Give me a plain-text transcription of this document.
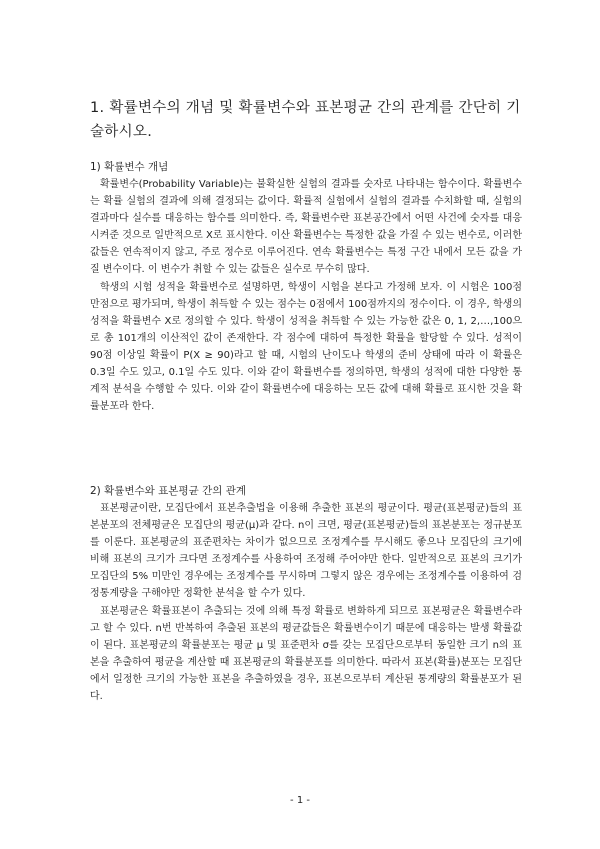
1. 확률변수의 개념 및 확률변수와 표본평균 간의 관계를 간단히 기술하시오.
1) 확률변수 개념

확률변수(Probability Variable)는 불확실한 실험의 결과를 숫자로 나타내는 함수이다. 확률변수는 확률 실험의 결과에 의해 결정되는 값이다. 확률적 실험에서 실험의 결과를 수치화할 때, 실험의 결과마다 실수를 대응하는 함수를 의미한다. 즉, 확률변수란 표본공간에서 어떤 사건에 숫자를 대응시켜준 것으로 일반적으로 X로 표시한다. 이산 확률변수는 특정한 값을 가질 수 있는 변수로, 이러한 값들은 연속적이지 않고, 주로 정수로 이루어진다. 연속 확률변수는 특정 구간 내에서 모든 값을 가질 변수이다. 이 변수가 취할 수 있는 값들은 실수로 무수히 많다.

학생의 시험 성적을 확률변수로 설명하면, 학생이 시험을 본다고 가정해 보자. 이 시험은 100점 만점으로 평가되며, 학생이 취득할 수 있는 점수는 0점에서 100점까지의 정수이다. 이 경우, 학생의 성적을 확률변수 X로 정의할 수 있다. 학생이 성적을 취득할 수 있는 가능한 값은 0, 1, 2,…,100으로 총 101개의 이산적인 값이 존재한다. 각 점수에 대하여 특정한 확률을 할당할 수 있다. 성적이 90점 이상일 확률이 P(X ≥ 90)라고 할 때, 시험의 난이도나 학생의 준비 상태에 따라 이 확률은 0.3일 수도 있고, 0.1일 수도 있다. 이와 같이 확률변수를 정의하면, 학생의 성적에 대한 다양한 통계적 분석을 수행할 수 있다. 이와 같이 확률변수에 대응하는 모든 값에 대해 확률로 표시한 것을 확률분포라 한다.

2) 확률변수와 표본평균 간의 관계

표본평균이란, 모집단에서 표본추출법을 이용해 추출한 표본의 평균이다. 평균(표본평균)들의 표본분포의 전체평균은 모집단의 평균(μ)과 같다. n이 크면, 평균(표본평균)들의 표본분포는 정규분포를 이룬다. 표본평균의 표준편차는 차이가 없으므로 조정계수를 무시해도 좋으나 모집단의 크기에 비해 표본의 크기가 크다면 조정계수를 사용하여 조정해 주어야만 한다. 일반적으로 표본의 크기가 모집단의 5% 미만인 경우에는 조정계수를 무시하며 그렇지 않은 경우에는 조정계수를 이용하여 검정통계량을 구해야만 정확한 분석을 할 수가 있다.

표본평균은 확률표본이 추출되는 것에 의해 특정 확률로 변화하게 되므로 표본평균은 확률변수라고 할 수 있다. n번 반복하여 추출된 표본의 평균값들은 확률변수이기 때문에 대응하는 발생 확률값이 된다. 표본평균의 확률분포는 평균 μ 및 표준편차 σ를 갖는 모집단으로부터 동일한 크기 n의 표본을 추출하여 평균을 계산할 때 표본평균의 확률분포를 의미한다. 따라서 표본(확률)분포는 모집단에서 일정한 크기의 가능한 표본을 추출하였을 경우, 표본으로부터 계산된 통계량의 확률분포가 된다.

- 1 -
